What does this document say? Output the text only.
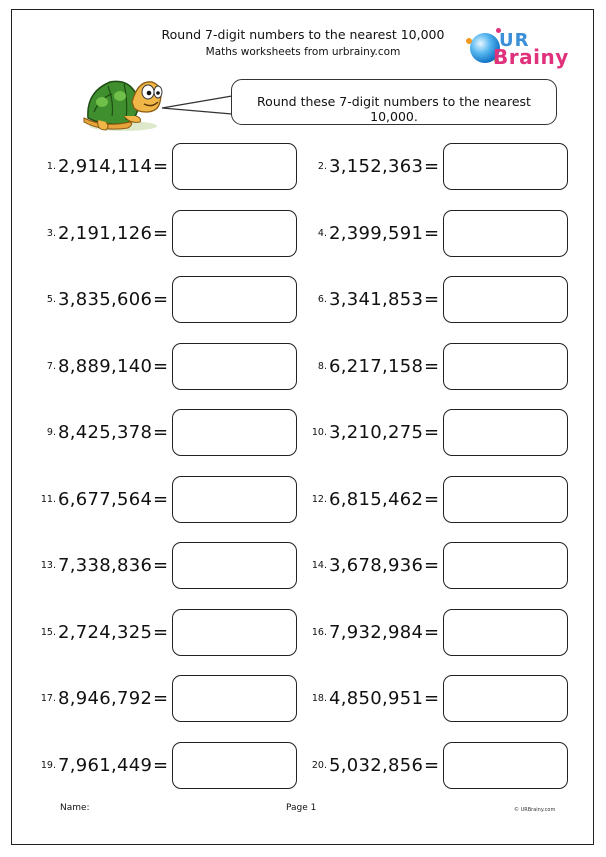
Round 7-digit numbers to the nearest 10,000
Maths worksheets from urbrainy.com
UR
Brainy
Round these 7-digit numbers to the nearest 10,000.
1. 2,914,114 =	2. 3,152,363 =
3. 2,191,126 =	4. 2,399,591 =
5. 3,835,606 =	6. 3,341,853 =
7. 8,889,140 =	8. 6,217,158 =
9. 8,425,378 =	10. 3,210,275 =
11. 6,677,564 =	12. 6,815,462 =
13. 7,338,836 =	14. 3,678,936 =
15. 2,724,325 =	16. 7,932,984 =
17. 8,946,792 =	18. 4,850,951 =
19. 7,961,449 =	20. 5,032,856 =
Name:	Page 1	© URBrainy.com
